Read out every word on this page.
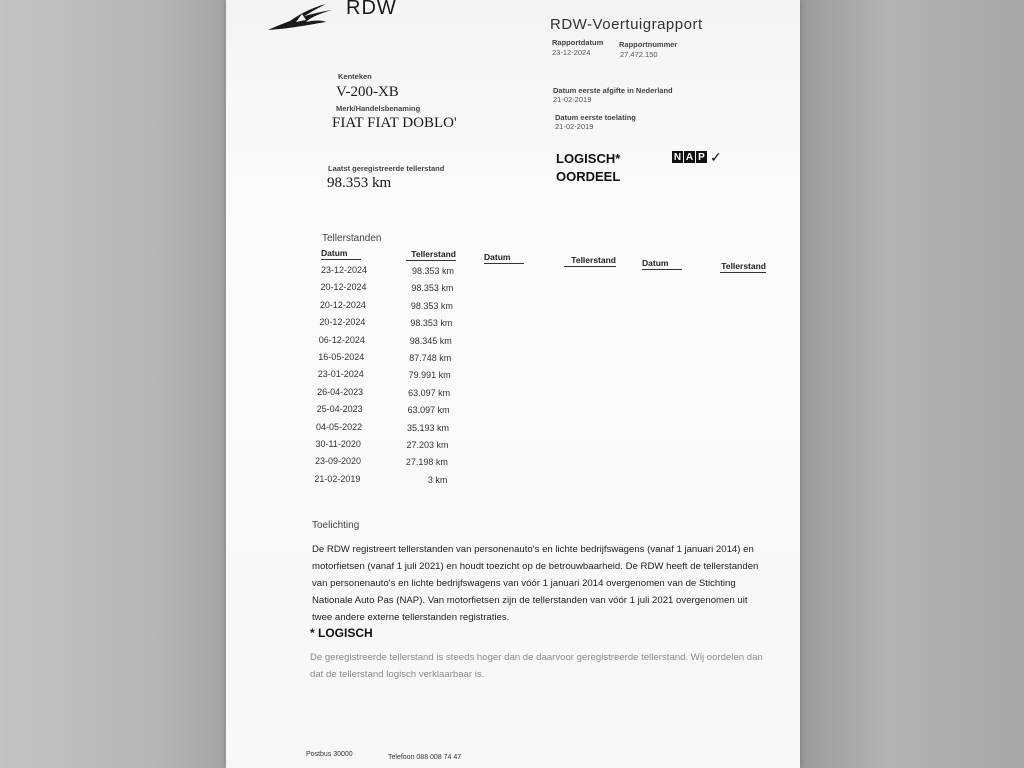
RDW
RDW-Voertuigrapport
Rapportdatum
23-12-2024
Rapportnummer
27.472.150
Kenteken
V-200-XB
Merk/Handelsbenaming
FIAT FIAT DOBLO'
Laatst geregistreerde tellerstand
98.353 km
Datum eerste afgifte in Nederland
21-02-2019
Datum eerste toelating
21-02-2019
LOGISCH*
OORDEEL
N A P ✓
Tellerstanden
Datum	Tellerstand	Datum	Tellerstand	Datum	Tellerstand
23-12-2024	98.353 km
20-12-2024	98.353 km
20-12-2024	98.353 km
20-12-2024	98.353 km
06-12-2024	98.345 km
16-05-2024	87.748 km
23-01-2024	79.991 km
26-04-2023	63.097 km
25-04-2023	63.097 km
04-05-2022	35.193 km
30-11-2020	27.203 km
23-09-2020	27.198 km
21-02-2019	3 km
Toelichting
De RDW registreert tellerstanden van personenauto's en lichte bedrijfswagens (vanaf 1 januari 2014) en
motorfietsen (vanaf 1 juli 2021) en houdt toezicht op de betrouwbaarheid. De RDW heeft de tellerstanden
van personenauto's en lichte bedrijfswagens van vóór 1 januari 2014 overgenomen van de Stichting
Nationale Auto Pas (NAP). Van motorfietsen zijn de tellerstanden van vóór 1 juli 2021 overgenomen uit
twee andere externe tellerstanden registraties.
* LOGISCH
De geregistreerde tellerstand is steeds hoger dan de daarvoor geregistreerde tellerstand. Wij oordelen dan
dat de tellerstand logisch verklaarbaar is.
Postbus 30000	Telefoon 088 008 74 47
